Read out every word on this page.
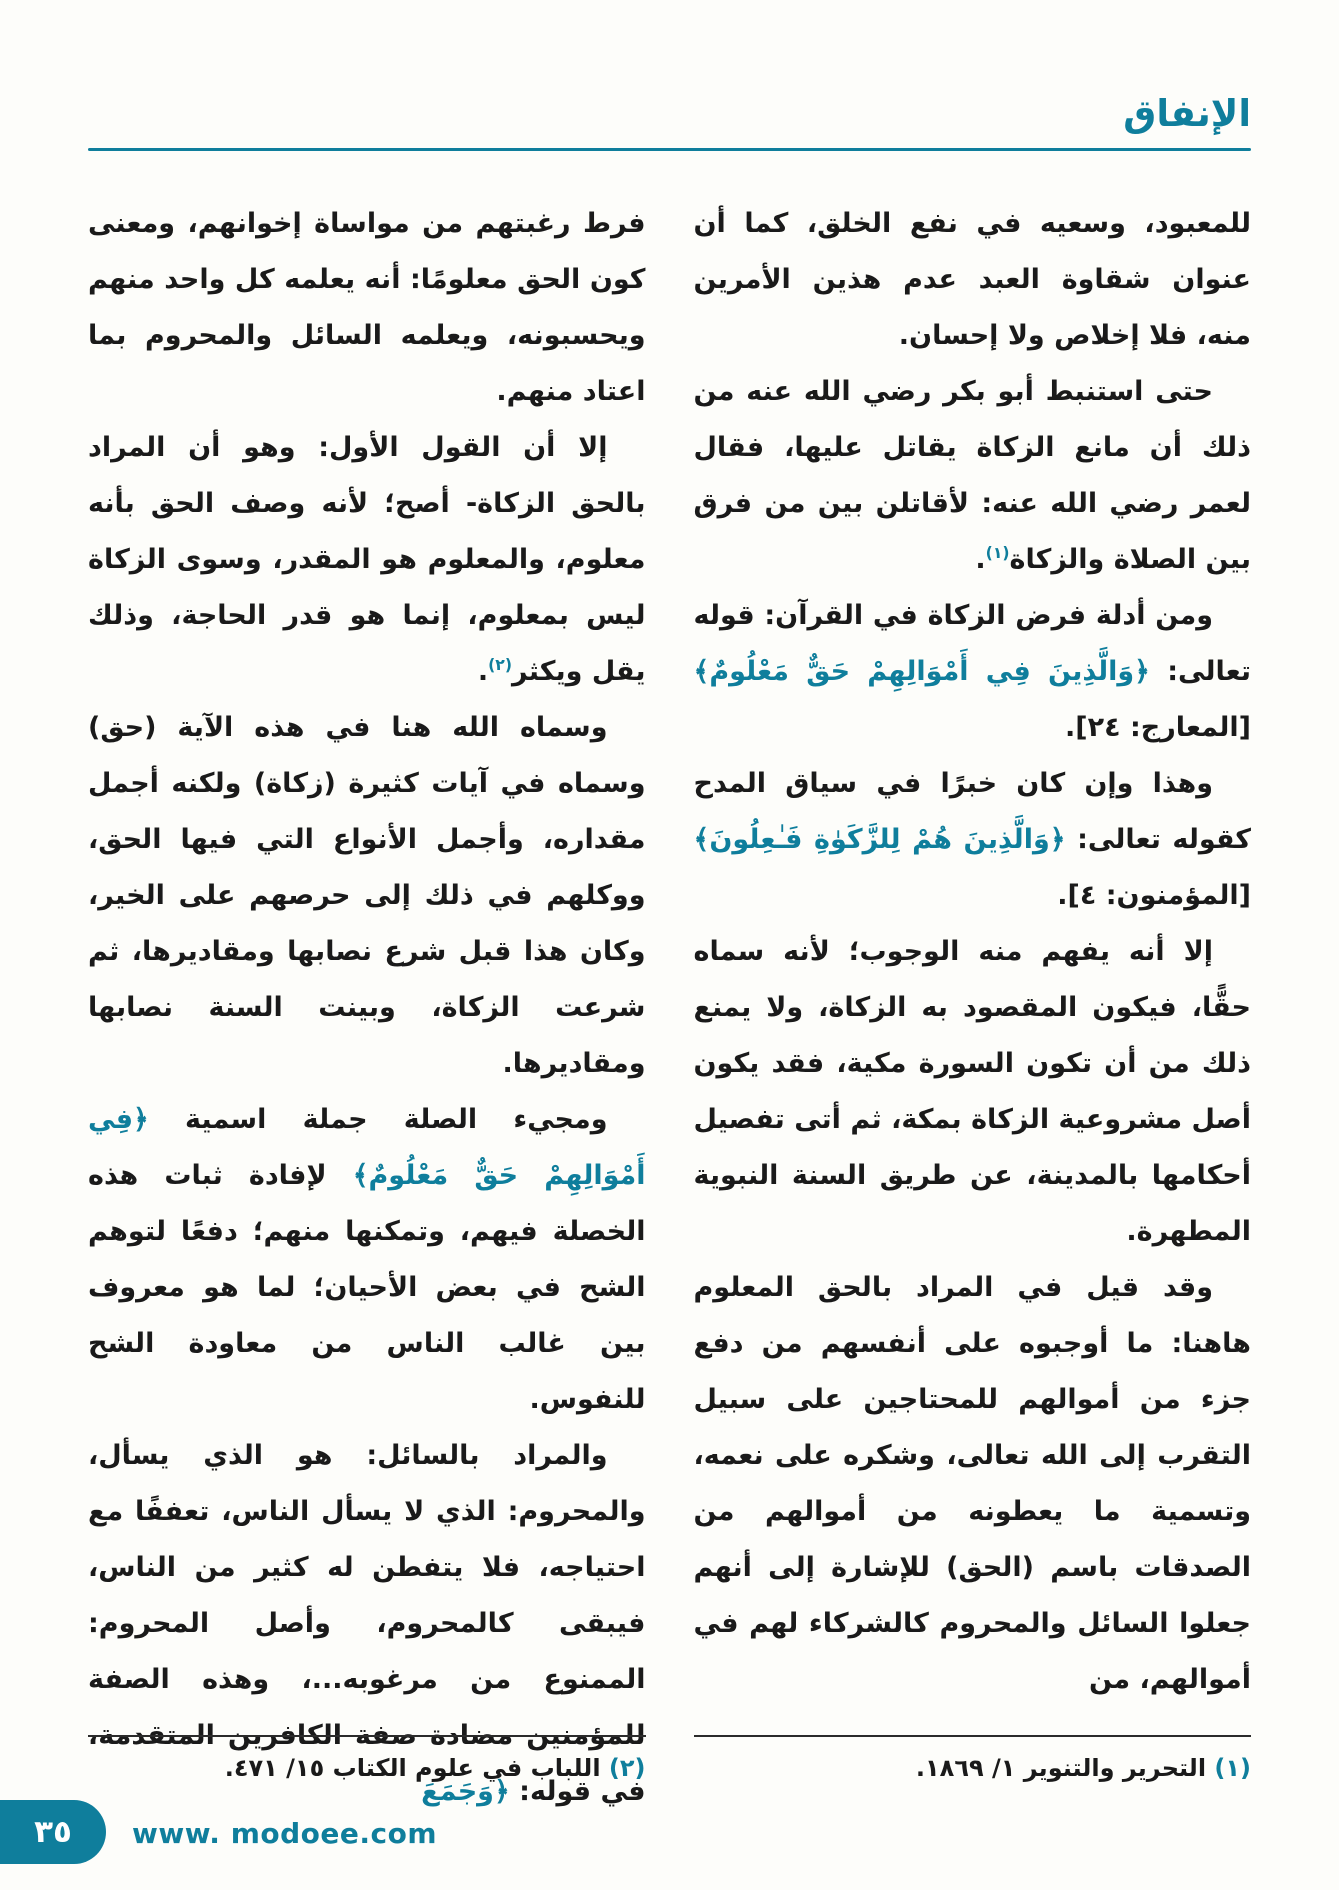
الإنفاق

للمعبود، وسعيه في نفع الخلق، كما أن عنوان شقاوة العبد عدم هذين الأمرين منه، فلا إخلاص ولا إحسان.

حتى استنبط أبو بكر رضي الله عنه من ذلك أن مانع الزكاة يقاتل عليها، فقال لعمر رضي الله عنه: لأقاتلن بين من فرق بين الصلاة والزكاة$^{(١)}$.

ومن أدلة فرض الزكاة في القرآن: قوله تعالى: ﴿وَالَّذِينَ فِي أَمْوَالِهِمْ حَقٌّ مَعْلُومٌ﴾ [المعارج: ٢٤].

وهذا وإن كان خبرًا في سياق المدح كقوله تعالى: ﴿وَالَّذِينَ هُمْ لِلزَّكَوٰةِ فَـٰعِلُونَ﴾ [المؤمنون: ٤].

إلا أنه يفهم منه الوجوب؛ لأنه سماه حقًّا، فيكون المقصود به الزكاة، ولا يمنع ذلك من أن تكون السورة مكية، فقد يكون أصل مشروعية الزكاة بمكة، ثم أتى تفصيل أحكامها بالمدينة، عن طريق السنة النبوية المطهرة.

وقد قيل في المراد بالحق المعلوم هاهنا: ما أوجبوه على أنفسهم من دفع جزء من أموالهم للمحتاجين على سبيل التقرب إلى الله تعالى، وشكره على نعمه، وتسمية ما يعطونه من أموالهم من الصدقات باسم (الحق) للإشارة إلى أنهم جعلوا السائل والمحروم كالشركاء لهم في أموالهم، من

فرط رغبتهم من مواساة إخوانهم، ومعنى كون الحق معلومًا: أنه يعلمه كل واحد منهم ويحسبونه، ويعلمه السائل والمحروم بما اعتاد منهم.

إلا أن القول الأول: وهو أن المراد بالحق الزكاة- أصح؛ لأنه وصف الحق بأنه معلوم، والمعلوم هو المقدر، وسوى الزكاة ليس بمعلوم، إنما هو قدر الحاجة، وذلك يقل ويكثر$^{(٢)}$.

وسماه الله هنا في هذه الآية (حق) وسماه في آيات كثيرة (زكاة) ولكنه أجمل مقداره، وأجمل الأنواع التي فيها الحق، ووكلهم في ذلك إلى حرصهم على الخير، وكان هذا قبل شرع نصابها ومقاديرها، ثم شرعت الزكاة، وبينت السنة نصابها ومقاديرها.

ومجيء الصلة جملة اسمية ﴿فِي أَمْوَالِهِمْ حَقٌّ مَعْلُومٌ﴾ لإفادة ثبات هذه الخصلة فيهم، وتمكنها منهم؛ دفعًا لتوهم الشح في بعض الأحيان؛ لما هو معروف بين غالب الناس من معاودة الشح للنفوس.

والمراد بالسائل: هو الذي يسأل، والمحروم: الذي لا يسأل الناس، تعففًا مع احتياجه، فلا يتفطن له كثير من الناس، فيبقى كالمحروم، وأصل المحروم: الممنوع من مرغوبه...، وهذه الصفة للمؤمنين مضادة صفة الكافرين المتقدمة، في قوله: ﴿وَجَمَعَ

(١) التحرير والتنوير ١/ ١٨٦٩.
(٢) اللباب في علوم الكتاب ١٥/ ٤٧١.
٣٥ www. modoee.com
